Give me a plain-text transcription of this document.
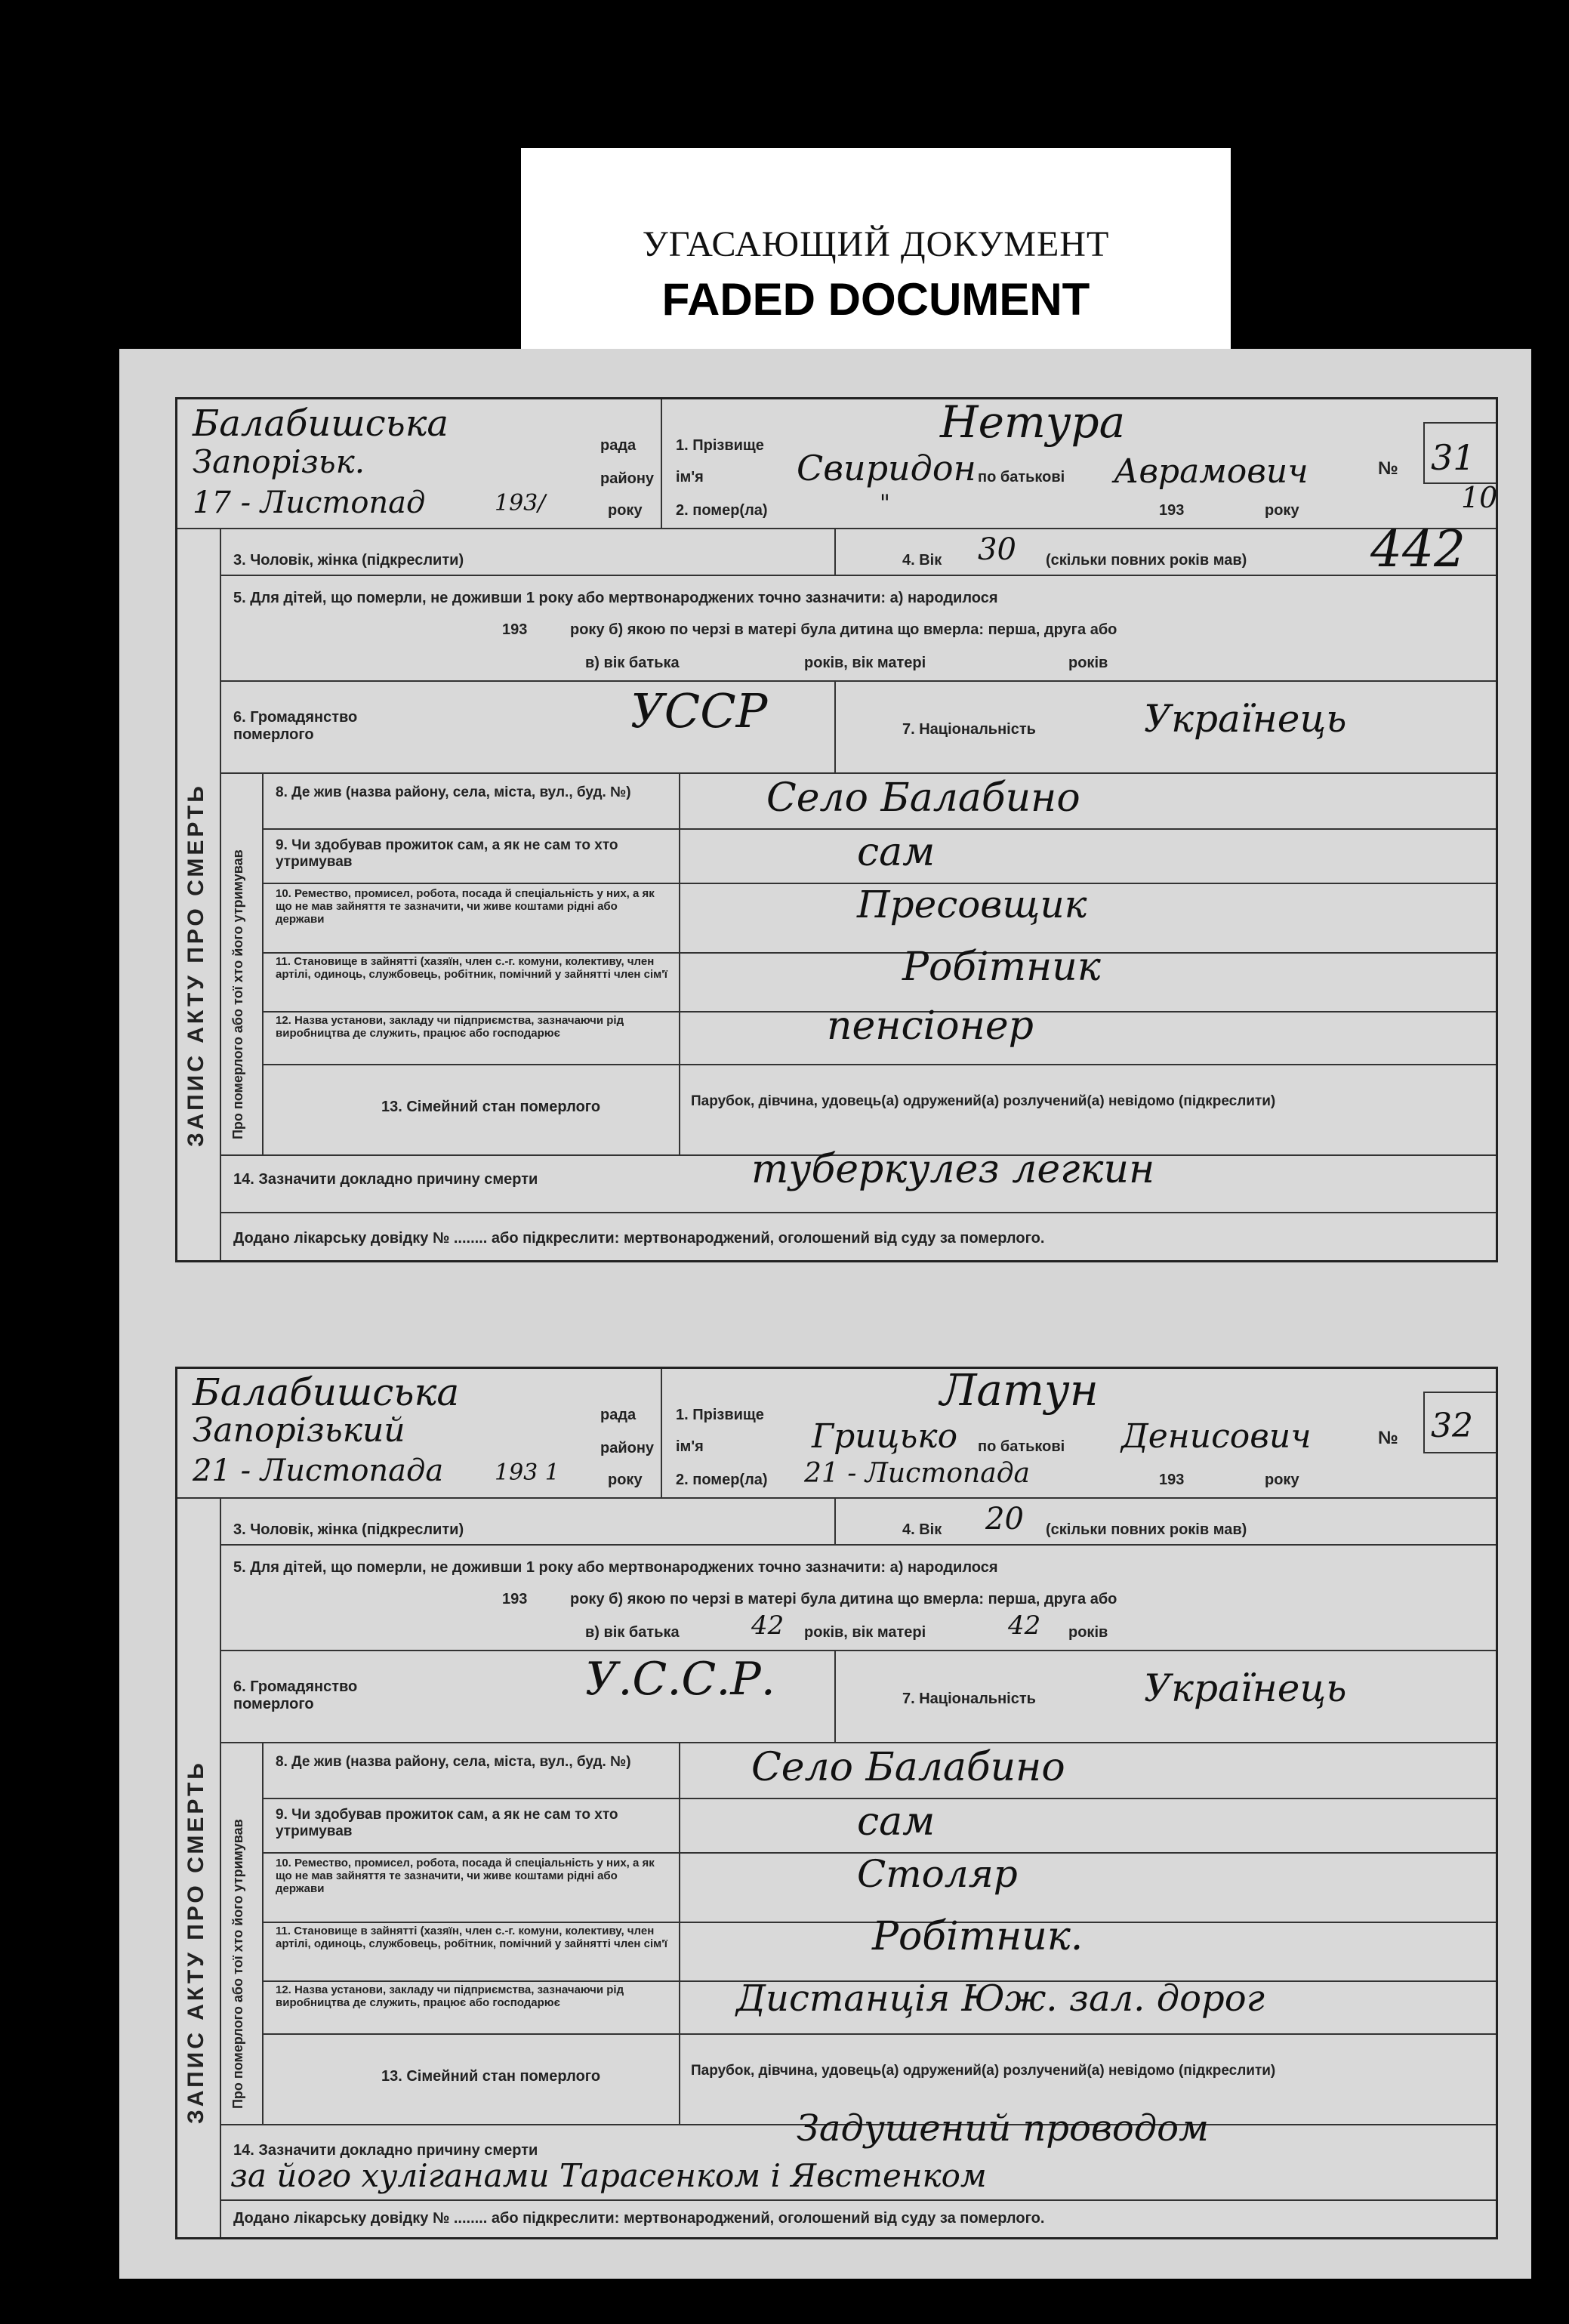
УГАСАЮЩИЙ ДОКУМЕНТ
FADED DOCUMENT
Балабишська
рада
Запорізьк.	району
17 - Листопад	193/	року
1. Прізвище	Нетура
ім'я	Свиридон по батькові Аврамович
2. помер(ла)	"	193	року
№ 31
10
442
ЗАПИС АКТУ ПРО СМЕРТЬ Про померлого або тої хто його утримував
3. Чоловік, жінка (підкреслити)	4. Вік 30 (скільки повних років мав)
5. Для дітей, що померли, не доживши 1 року або мертвонароджених точно зазначити: а) народилося
193	року б) якою по черзі в матері була дитина що вмерла: перша, друга або
в) вік батька	років, вік матері	років
6. Громадянство померлого	УССР	7. Національність	Українець
8. Де жив (назва району, села, міста, вул., буд. №)	Село Балабино
9. Чи здобував прожиток сам, а як не сам то хто утримував	сам
10. Ремество, промисел, робота, посада й спеціальність у них, а як що не мав зайняття те зазначити, чи живе коштами рідні або держави	Пресовщик
11. Становище в зайнятті (хазяїн, член с.-г. комуни, колективу, член артілі, одиноць, службовець, робітник, помічний у зайнятті член сім'ї	Робітник
12. Назва установи, закладу чи підприємства, зазначаючи рід виробництва де служить, працює або господарює	пенсіонер
13. Сімейний стан померлого	Парубок, дівчина, удовець(а) одружений(а) розлучений(а) невідомо (підкреслити)
14. Зазначити докладно причину смерти	туберкулез легкин
Додано лікарську довідку № ........ або підкреслити: мертвонароджений, оголошений від суду за померлого.
Балабишська
рада
Запорізький	району
21 - Листопада 193 1	року
1. Прізвище	Латун
ім'я	Грицько по батькові Денисович
2. помер(ла) 21 - Листопада	193	року
№ 32
ЗАПИС АКТУ ПРО СМЕРТЬ Про померлого або тої хто його утримував
3. Чоловік, жінка (підкреслити)	4. Вік 20 (скільки повних років мав)
5. Для дітей, що померли, не доживши 1 року або мертвонароджених точно зазначити: а) народилося
193	року б) якою по черзі в матері була дитина що вмерла: перша, друга або
в) вік батька	42 років, вік матері	42 років
6. Громадянство померлого	У.С.С.Р.	7. Національність	Українець
8. Де жив (назва району, села, міста, вул., буд. №)	Село Балабино
9. Чи здобував прожиток сам, а як не сам то хто утримував	сам
10. Ремество, промисел, робота, посада й спеціальність у них, а як що не мав зайняття те зазначити, чи живе коштами рідні або держави	Столяр
11. Становище в зайнятті (хазяїн, член с.-г. комуни, колективу, член артілі, одиноць, службовець, робітник, помічний у зайнятті член сім'ї	Робітник.
12. Назва установи, закладу чи підприємства, зазначаючи рід виробництва де служить, працює або господарює	Дистанція Юж. зал. дорог
13. Сімейний стан померлого	Парубок, дівчина, удовець(а) одружений(а) розлучений(а) невідомо (підкреслити)
14. Зазначити докладно причину смерти
Задушений проводом
за його хуліганами Тарасенком і Явстенком
Додано лікарську довідку № ........ або підкреслити: мертвонароджений, оголошений від суду за померлого.
